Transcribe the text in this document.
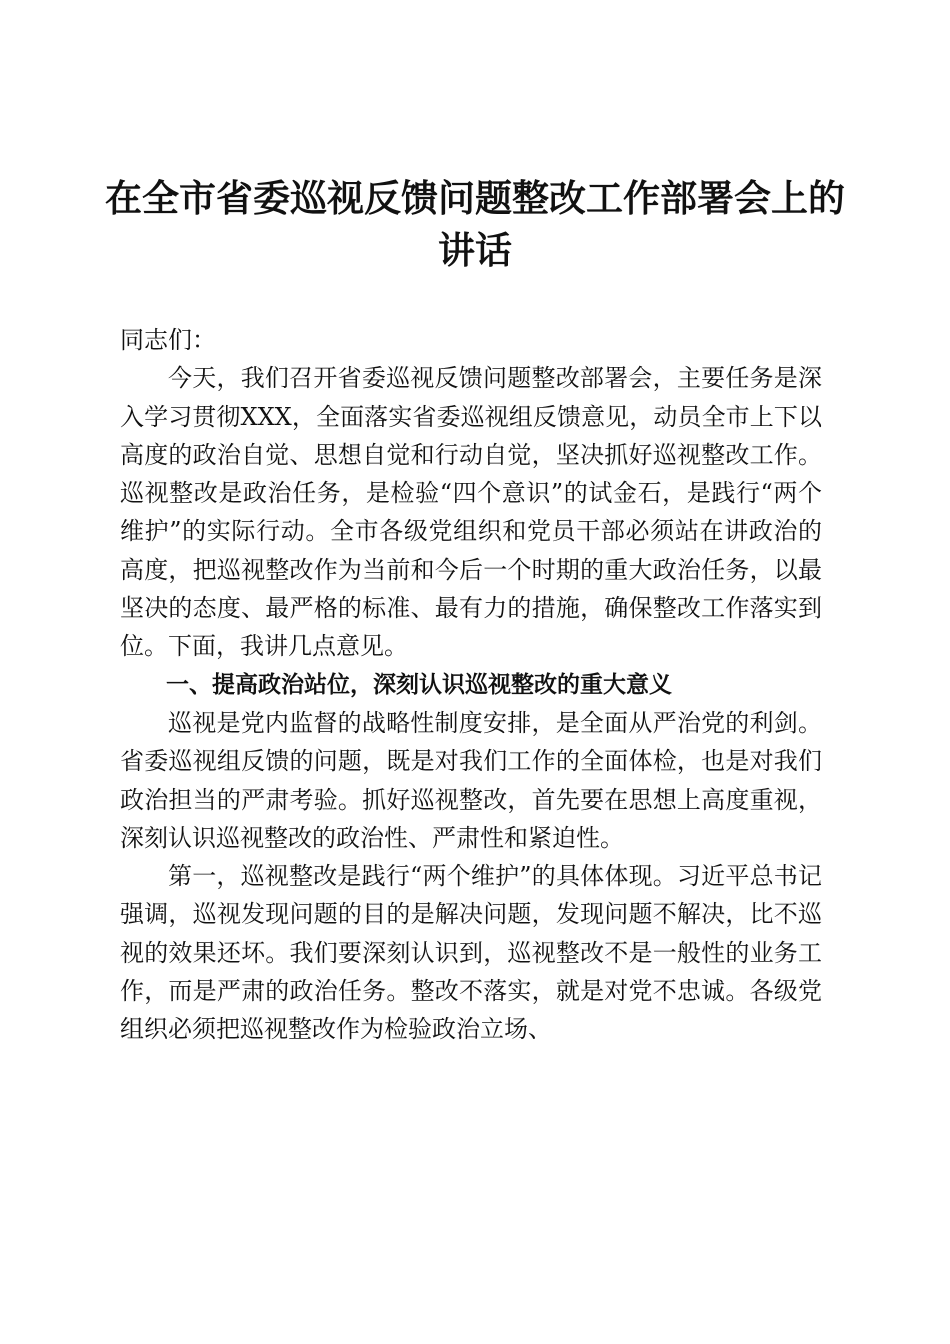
在全市省委巡视反馈问题整改工作部署会上的讲话

同志们：

今天，我们召开省委巡视反馈问题整改部署会，主要任务是深入学习贯彻XXX，全面落实省委巡视组反馈意见，动员全市上下以高度的政治自觉、思想自觉和行动自觉，坚决抓好巡视整改工作。巡视整改是政治任务，是检验“四个意识”的试金石，是践行“两个维护”的实际行动。全市各级党组织和党员干部必须站在讲政治的高度，把巡视整改作为当前和今后一个时期的重大政治任务，以最坚决的态度、最严格的标准、最有力的措施，确保整改工作落实到位。下面，我讲几点意见。

一、提高政治站位，深刻认识巡视整改的重大意义

巡视是党内监督的战略性制度安排，是全面从严治党的利剑。省委巡视组反馈的问题，既是对我们工作的全面体检，也是对我们政治担当的严肃考验。抓好巡视整改，首先要在思想上高度重视，深刻认识巡视整改的政治性、严肃性和紧迫性。

第一，巡视整改是践行“两个维护”的具体体现。习近平总书记强调，巡视发现问题的目的是解决问题，发现问题不解决，比不巡视的效果还坏。我们要深刻认识到，巡视整改不是一般性的业务工作，而是严肃的政治任务。整改不落实，就是对党不忠诚。各级党组织必须把巡视整改作为检验政治立场、
